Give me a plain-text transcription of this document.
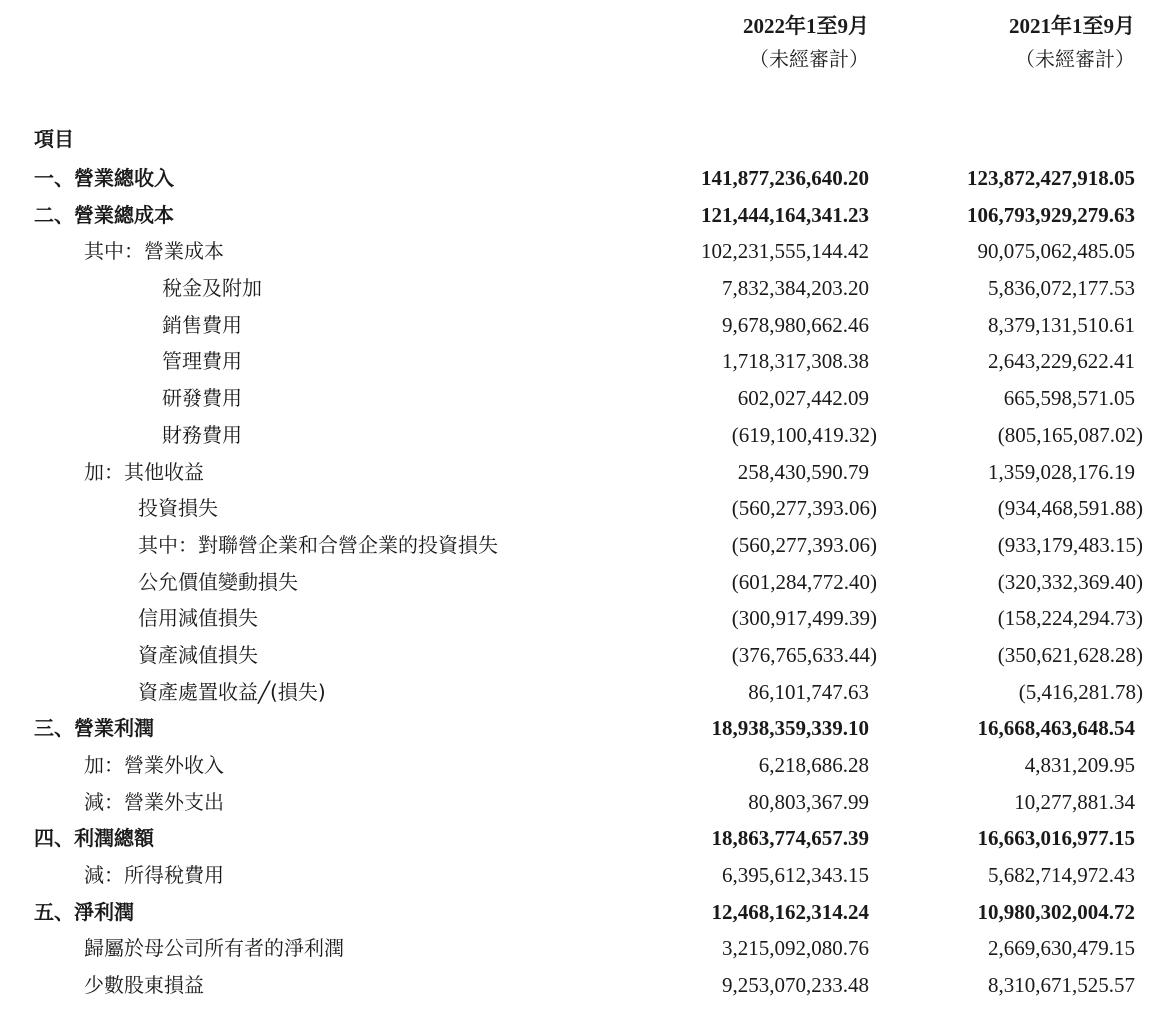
2022年1至9月
（未經審計）
2021年1至9月
（未經審計）
項目
一、營業總收入	141,877,236,640.20	123,872,427,918.05
二、營業總成本	121,444,164,341.23	106,793,929,279.63
其中：營業成本	102,231,555,144.42	90,075,062,485.05
稅金及附加	7,832,384,203.20	5,836,072,177.53
銷售費用	9,678,980,662.46	8,379,131,510.61
管理費用	1,718,317,308.38	2,643,229,622.41
研發費用	602,027,442.09	665,598,571.05
財務費用	(619,100,419.32)	(805,165,087.02)
加：其他收益	258,430,590.79	1,359,028,176.19
投資損失	(560,277,393.06)	(934,468,591.88)
其中：對聯營企業和合營企業的投資損失	(560,277,393.06)	(933,179,483.15)
公允價值變動損失	(601,284,772.40)	(320,332,369.40)
信用減值損失	(300,917,499.39)	(158,224,294.73)
資產減值損失	(376,765,633.44)	(350,621,628.28)
資產處置收益╱(損失)	86,101,747.63	(5,416,281.78)
三、營業利潤	18,938,359,339.10	16,668,463,648.54
加：營業外收入	6,218,686.28	4,831,209.95
減：營業外支出	80,803,367.99	10,277,881.34
四、利潤總額	18,863,774,657.39	16,663,016,977.15
減：所得稅費用	6,395,612,343.15	5,682,714,972.43
五、淨利潤	12,468,162,314.24	10,980,302,004.72
歸屬於母公司所有者的淨利潤	3,215,092,080.76	2,669,630,479.15
少數股東損益	9,253,070,233.48	8,310,671,525.57
